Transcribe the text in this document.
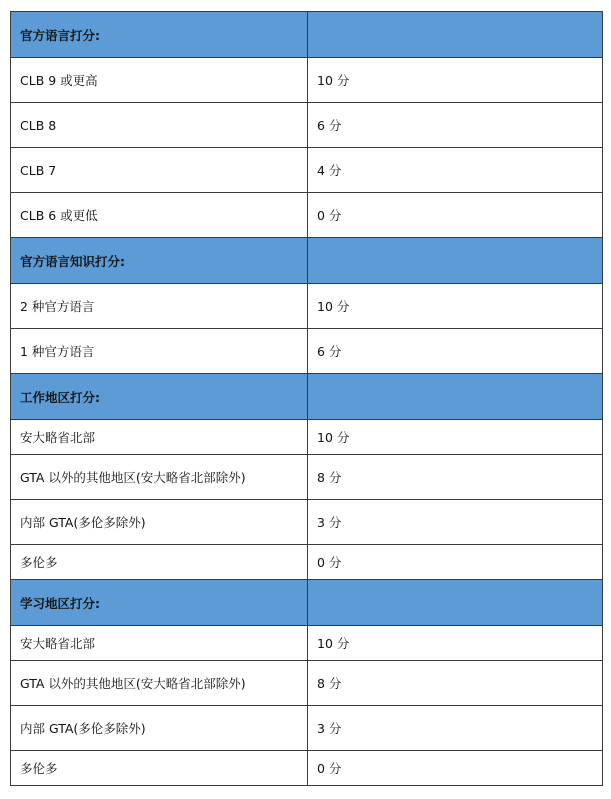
官方语言打分:	
CLB 9 或更高	10 分
CLB 8	6 分
CLB 7	4 分
CLB 6 或更低	0 分
官方语言知识打分:	
2 种官方语言	10 分
1 种官方语言	6 分
工作地区打分:	
安大略省北部	10 分
GTA 以外的其他地区(安大略省北部除外)	8 分
内部 GTA(多伦多除外)	3 分
多伦多	0 分
学习地区打分:	
安大略省北部	10 分
GTA 以外的其他地区(安大略省北部除外)	8 分
内部 GTA(多伦多除外)	3 分
多伦多	0 分
